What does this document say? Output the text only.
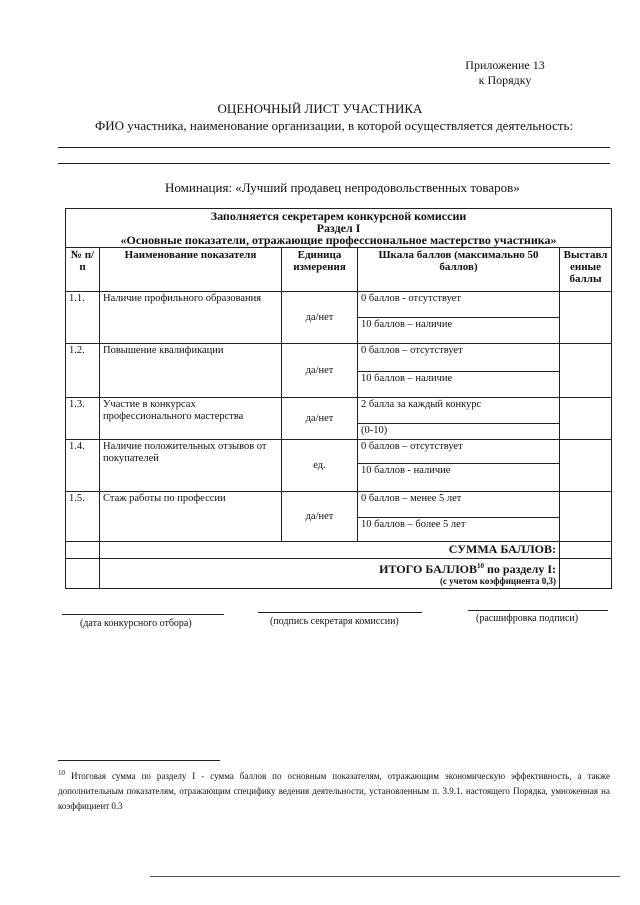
Приложение 13
к Порядку
ОЦЕНОЧНЫЙ ЛИСТ УЧАСТНИКА
ФИО участника, наименование организации, в которой осуществляется деятельность:
Номинация: «Лучший продавец непродовольственных товаров»
Заполняется секретарем конкурсной комиссии
Раздел I
«Основные показатели, отражающие профессиональное мастерство участника»				

№ п/п	Наименование показателя	Единица измерения	Шкала баллов (максимально 50 баллов)	Выставл енные баллы
1.1.	Наличие профильного образования	да/нет	0 баллов - отсутствует	
			10 баллов – наличие	
1.2.	Повышение квалификации	да/нет	0 баллов – отсутствует	
			10 баллов – наличие	
1.3.	Участие в конкурсах профессионального мастерства	да/нет	2 балла за каждый конкурс	
			(0-10)	
1.4.	Наличие положительных отзывов от покупателей	ед.	0 баллов – отсутствует	
			10 баллов - наличие	
1.5.	Стаж работы по профессии	да/нет	0 баллов – менее 5 лет	
			10 баллов – более 5 лет	
	СУММА БАЛЛОВ:			
	ИТОГО БАЛЛОВ$^{10}$ по разделу I:
(с учетом коэффициента 0,3)			

(дата конкурсного отбора)	(подпись секретаря комиссии)	(расшифровка подписи)
$^{10}$ Итоговая сумма по разделу I - сумма баллов по основным показателям, отражающим экономическую эффективность, а также дополнительным показателям, отражающим специфику ведения деятельности, установленным п. 3.9.1. настоящего Порядка, умноженная на коэффициент 0.3
